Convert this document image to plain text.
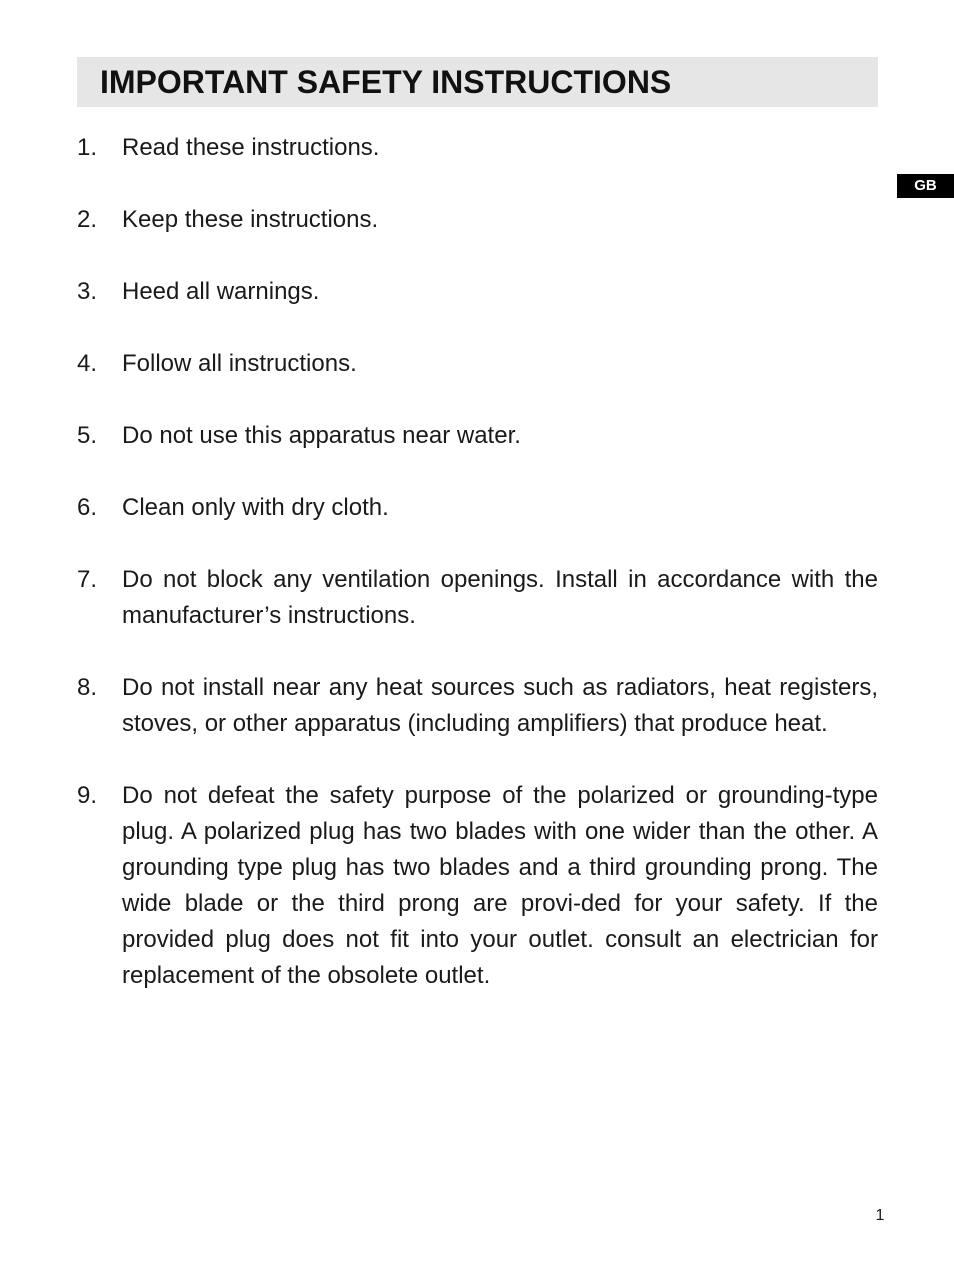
IMPORTANT SAFETY INSTRUCTIONS
GB
1.	Read these instructions.
2.	Keep these instructions.
3.	Heed all warnings.
4.	Follow all instructions.
5.	Do not use this apparatus near water.
6.	Clean only with dry cloth.
7.	Do not block any ventilation openings. Install in accordance with the manufacturer’s instructions.
8.	Do not install near any heat sources such as radiators, heat registers, stoves, or other apparatus (including amplifiers) that produce heat.
9.	Do not defeat the safety purpose of the polarized or grounding-type plug. A polarized plug has two blades with one wider than the other. A grounding type plug has two blades and a third grounding prong. The wide blade or the third prong are provi-ded for your safety. If the provided plug does not fit into your outlet. consult an electrician for replacement of the obsolete outlet.
1
